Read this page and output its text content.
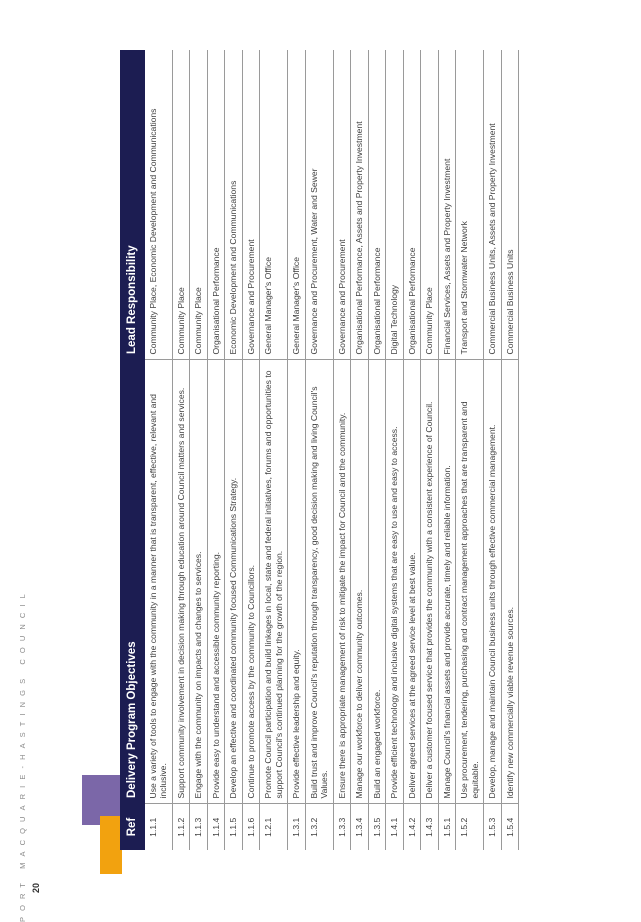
20
PORT MACQUARIE-HASTINGS COUNCIL	Ref	Delivery Program Objectives	Lead Responsibility
1.1.1	Use a variety of tools to engage with the community in a manner that is transparent, effective, relevant and inclusive.	Community Place, Economic Development and Communications
1.1.2	Support community involvement in decision making through education around Council matters and services.	Community Place
1.1.3	Engage with the community on impacts and changes to services.	Community Place
1.1.4	Provide easy to understand and accessible community reporting.	Organisational Performance
1.1.5	Develop an effective and coordinated community focused Communications Strategy.	Economic Development and Communications
1.1.6	Continue to promote access by the community to Councillors.	Governance and Procurement
1.2.1	Promote Council participation and build linkages in local, state and federal initiatives, forums and opportunities to support Council's continued planning for the growth of the region.	General Manager's Office
1.3.1	Provide effective leadership and equity.	General Manager's Office
1.3.2	Build trust and improve Council's reputation through transparency, good decision making and living Council's Values.	Governance and Procurement, Water and Sewer
1.3.3	Ensure there is appropriate management of risk to mitigate the impact for Council and the community.	Governance and Procurement
1.3.4	Manage our workforce to deliver community outcomes.	Organisational Performance, Assets and Property Investment
1.3.5	Build an engaged workforce.	Organisational Performance
1.4.1	Provide efficient technology and inclusive digital systems that are easy to use and easy to access.	Digital Technology
1.4.2	Deliver agreed services at the agreed service level at best value.	Organisational Performance
1.4.3	Deliver a customer focused service that provides the community with a consistent experience of Council.	Community Place
1.5.1	Manage Council's financial assets and provide accurate, timely and reliable information.	Financial Services, Assets and Property Investment
1.5.2	Use procurement, tendering, purchasing and contract management approaches that are transparent and equitable.	Transport and Stormwater Network
1.5.3	Develop, manage and maintain Council business units through effective commercial management.	Commercial Business Units, Assets and Property Investment
1.5.4	Identify new commercially viable revenue sources.	Commercial Business Units
